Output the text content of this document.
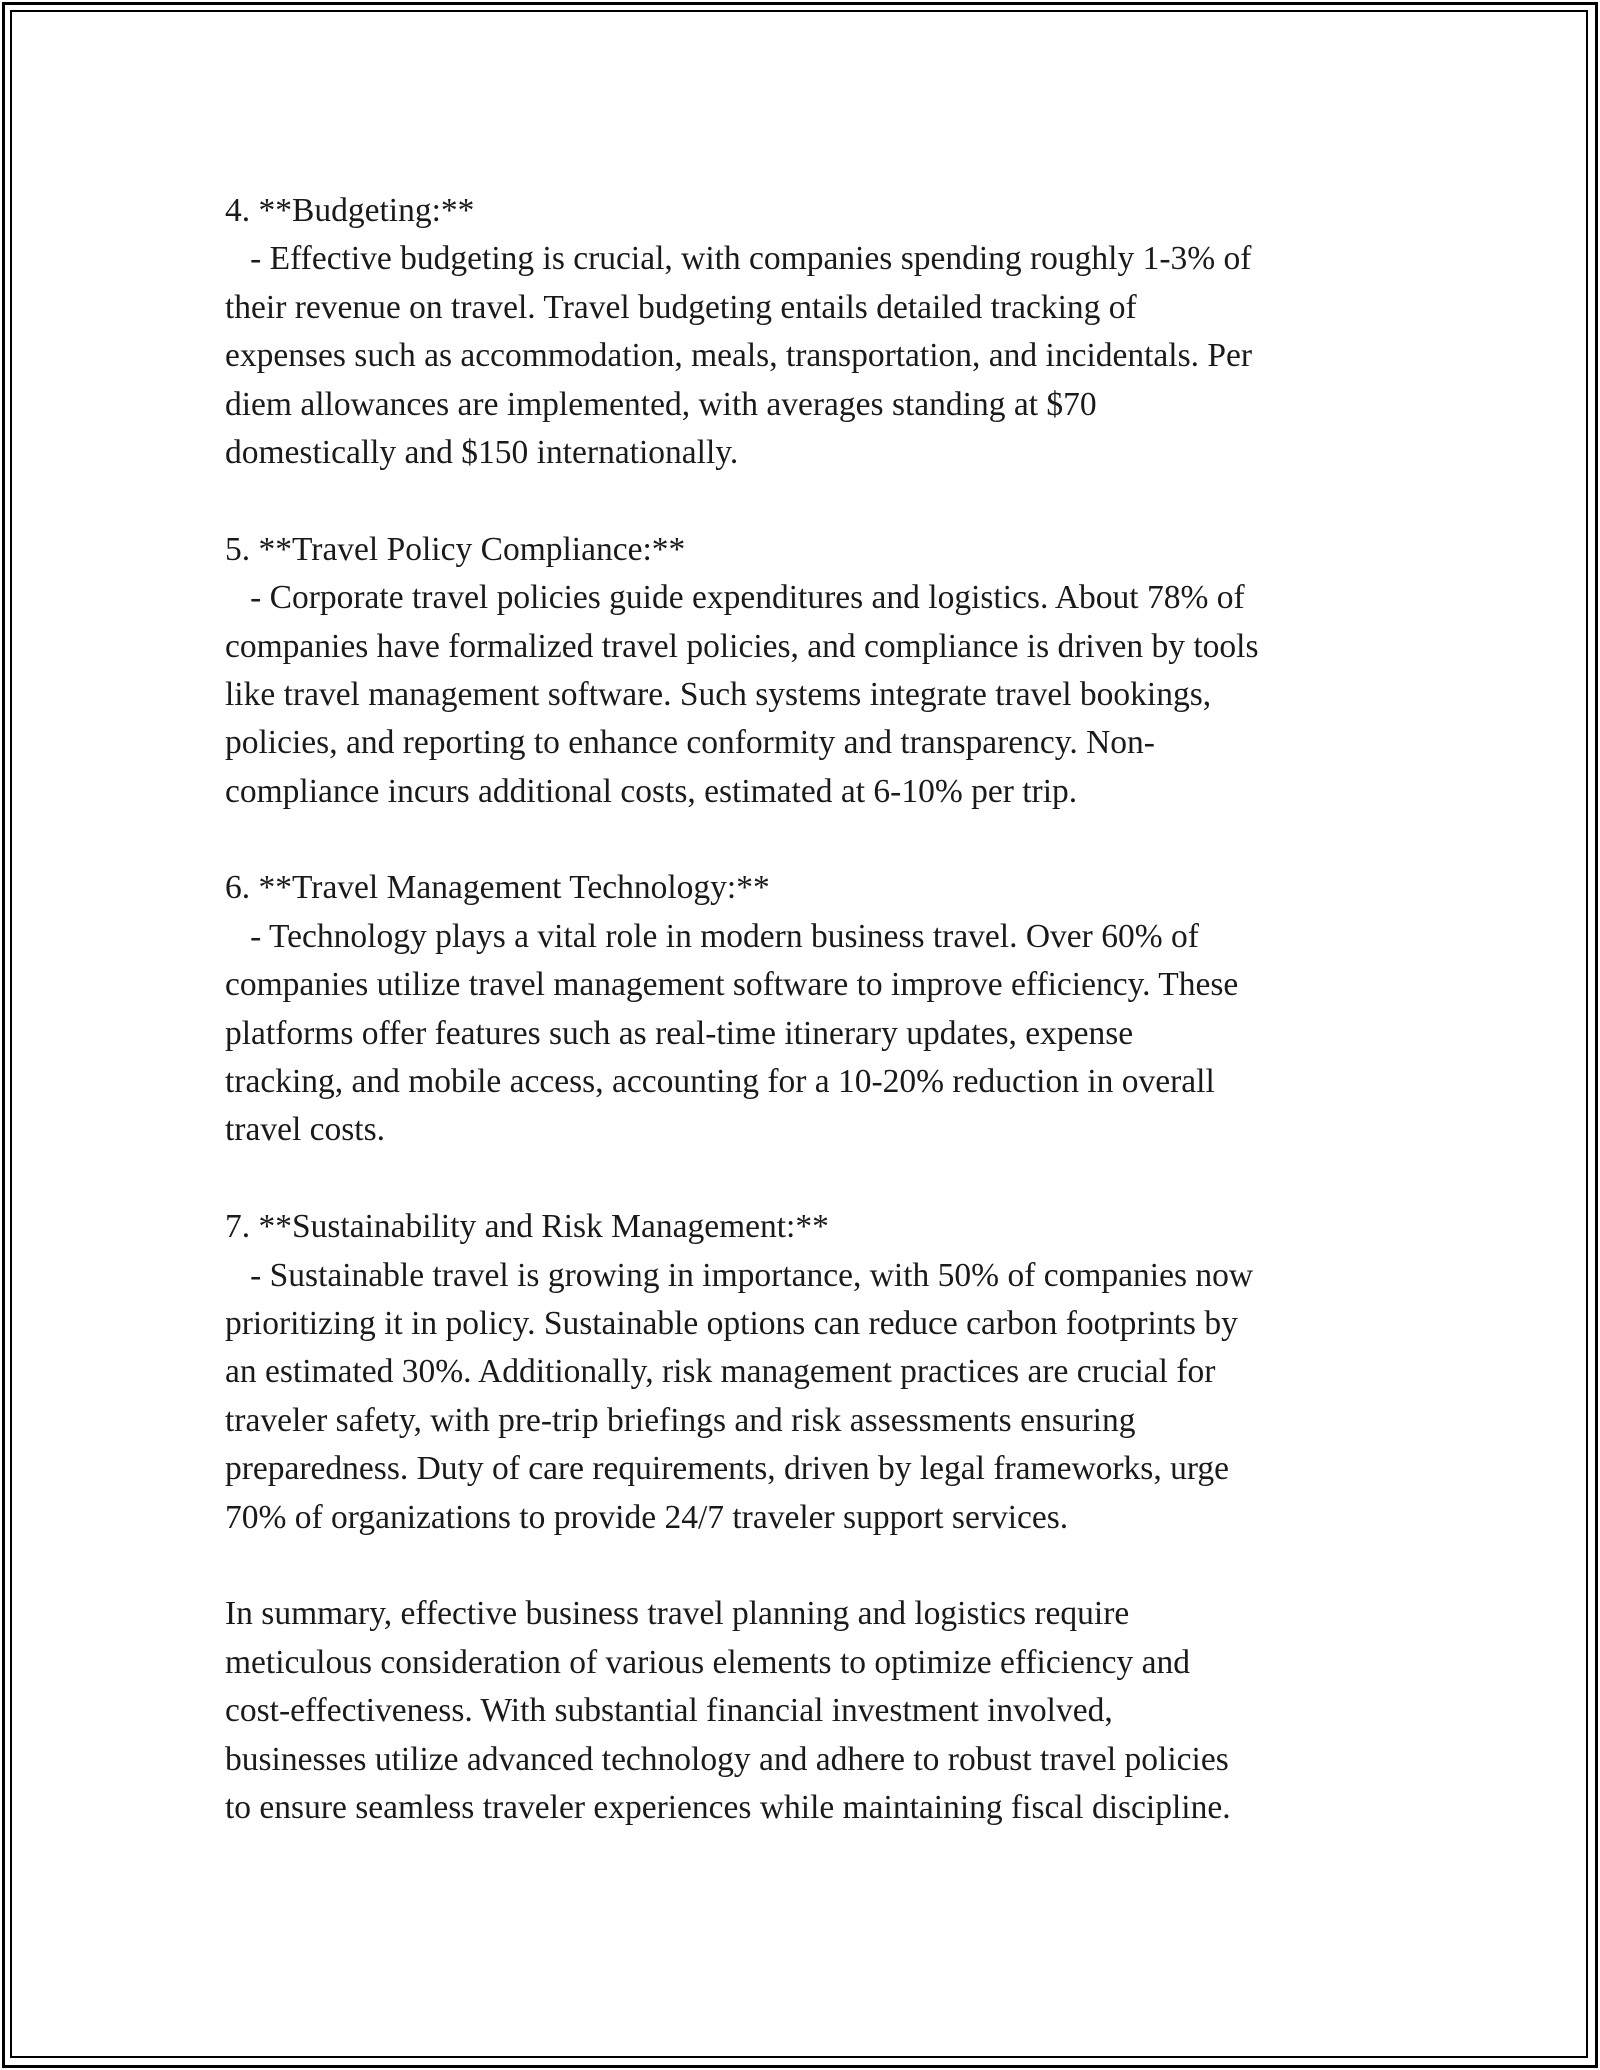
4. **Budgeting:**
- Effective budgeting is crucial, with companies spending roughly 1-3% of
their revenue on travel. Travel budgeting entails detailed tracking of
expenses such as accommodation, meals, transportation, and incidentals. Per
diem allowances are implemented, with averages standing at $70
domestically and $150 internationally.
5. **Travel Policy Compliance:**
- Corporate travel policies guide expenditures and logistics. About 78% of
companies have formalized travel policies, and compliance is driven by tools
like travel management software. Such systems integrate travel bookings,
policies, and reporting to enhance conformity and transparency. Non-
compliance incurs additional costs, estimated at 6-10% per trip.
6. **Travel Management Technology:**
- Technology plays a vital role in modern business travel. Over 60% of
companies utilize travel management software to improve efficiency. These
platforms offer features such as real-time itinerary updates, expense
tracking, and mobile access, accounting for a 10-20% reduction in overall
travel costs.
7. **Sustainability and Risk Management:**
- Sustainable travel is growing in importance, with 50% of companies now
prioritizing it in policy. Sustainable options can reduce carbon footprints by
an estimated 30%. Additionally, risk management practices are crucial for
traveler safety, with pre-trip briefings and risk assessments ensuring
preparedness. Duty of care requirements, driven by legal frameworks, urge
70% of organizations to provide 24/7 traveler support services.
In summary, effective business travel planning and logistics require
meticulous consideration of various elements to optimize efficiency and
cost-effectiveness. With substantial financial investment involved,
businesses utilize advanced technology and adhere to robust travel policies
to ensure seamless traveler experiences while maintaining fiscal discipline.
